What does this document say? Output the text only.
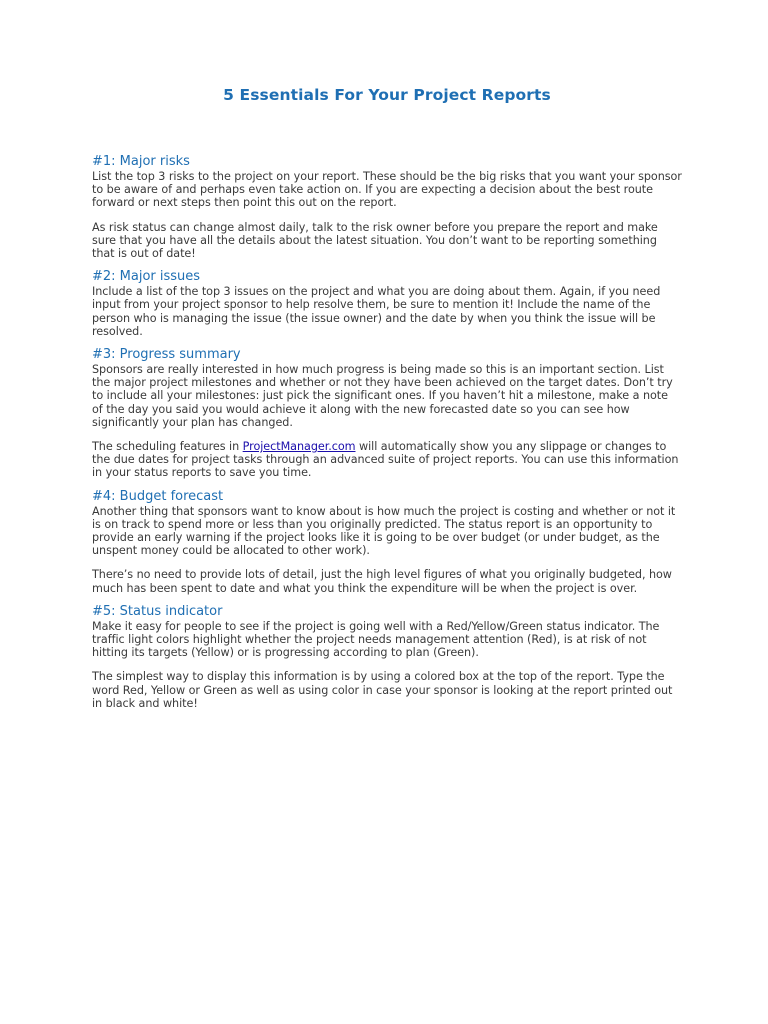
5 Essentials For Your Project Reports
#1: Major risks

List the top 3 risks to the project on your report. These should be the big risks that you want your sponsor to be aware of and perhaps even take action on. If you are expecting a decision about the best route forward or next steps then point this out on the report.

As risk status can change almost daily, talk to the risk owner before you prepare the report and make sure that you have all the details about the latest situation. You don’t want to be reporting something that is out of date!

#2: Major issues

Include a list of the top 3 issues on the project and what you are doing about them. Again, if you need input from your project sponsor to help resolve them, be sure to mention it! Include the name of the person who is managing the issue (the issue owner) and the date by when you think the issue will be resolved.

#3: Progress summary

Sponsors are really interested in how much progress is being made so this is an important section. List the major project milestones and whether or not they have been achieved on the target dates. Don’t try to include all your milestones: just pick the significant ones. If you haven’t hit a milestone, make a note of the day you said you would achieve it along with the new forecasted date so you can see how significantly your plan has changed.

The scheduling features in ProjectManager.com will automatically show you any slippage or changes to the due dates for project tasks through an advanced suite of project reports. You can use this information in your status reports to save you time.

#4: Budget forecast

Another thing that sponsors want to know about is how much the project is costing and whether or not it is on track to spend more or less than you originally predicted. The status report is an opportunity to provide an early warning if the project looks like it is going to be over budget (or under budget, as the unspent money could be allocated to other work).

There’s no need to provide lots of detail, just the high level figures of what you originally budgeted, how much has been spent to date and what you think the expenditure will be when the project is over.

#5: Status indicator

Make it easy for people to see if the project is going well with a Red/Yellow/Green status indicator. The traffic light colors highlight whether the project needs management attention (Red), is at risk of not hitting its targets (Yellow) or is progressing according to plan (Green).

The simplest way to display this information is by using a colored box at the top of the report. Type the word Red, Yellow or Green as well as using color in case your sponsor is looking at the report printed out in black and white!
